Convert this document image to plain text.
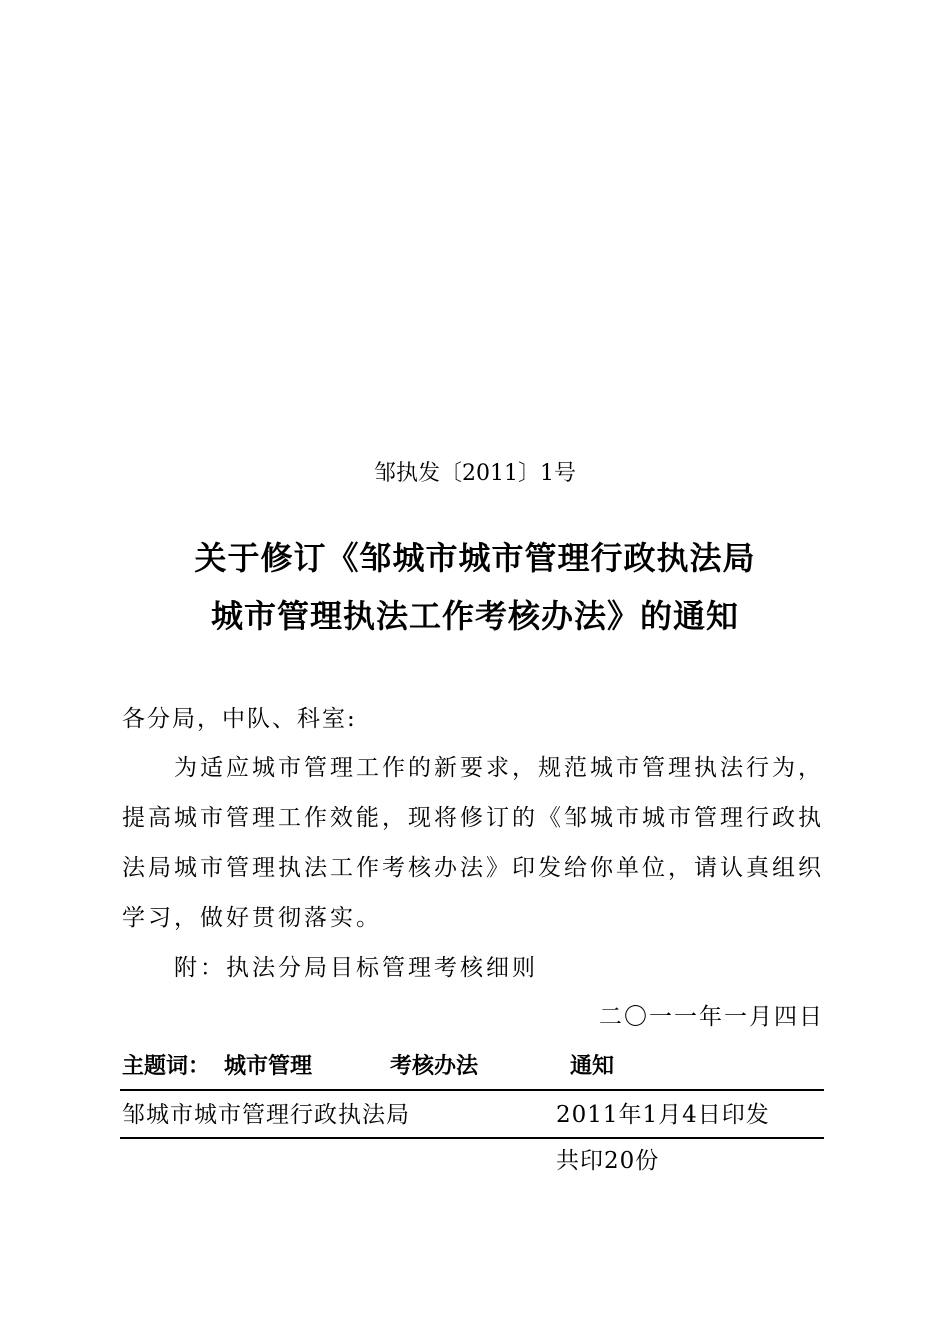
邹执发〔2011〕1号
关于修订《邹城市城市管理行政执法局
城市管理执法工作考核办法》的通知
各分局，中队、科室:
为适应城市管理工作的新要求，规范城市管理执法行为，
提高城市管理工作效能，现将修订的《邹城市城市管理行政执
法局城市管理执法工作考核办法》印发给你单位，请认真组织
学习，做好贯彻落实。
附：执法分局目标管理考核细则
二〇一一年一月四日
主题词： 城市管理	考核办法	通知
邹城市城市管理行政执法局	2011年1月4日印发
共印20份
